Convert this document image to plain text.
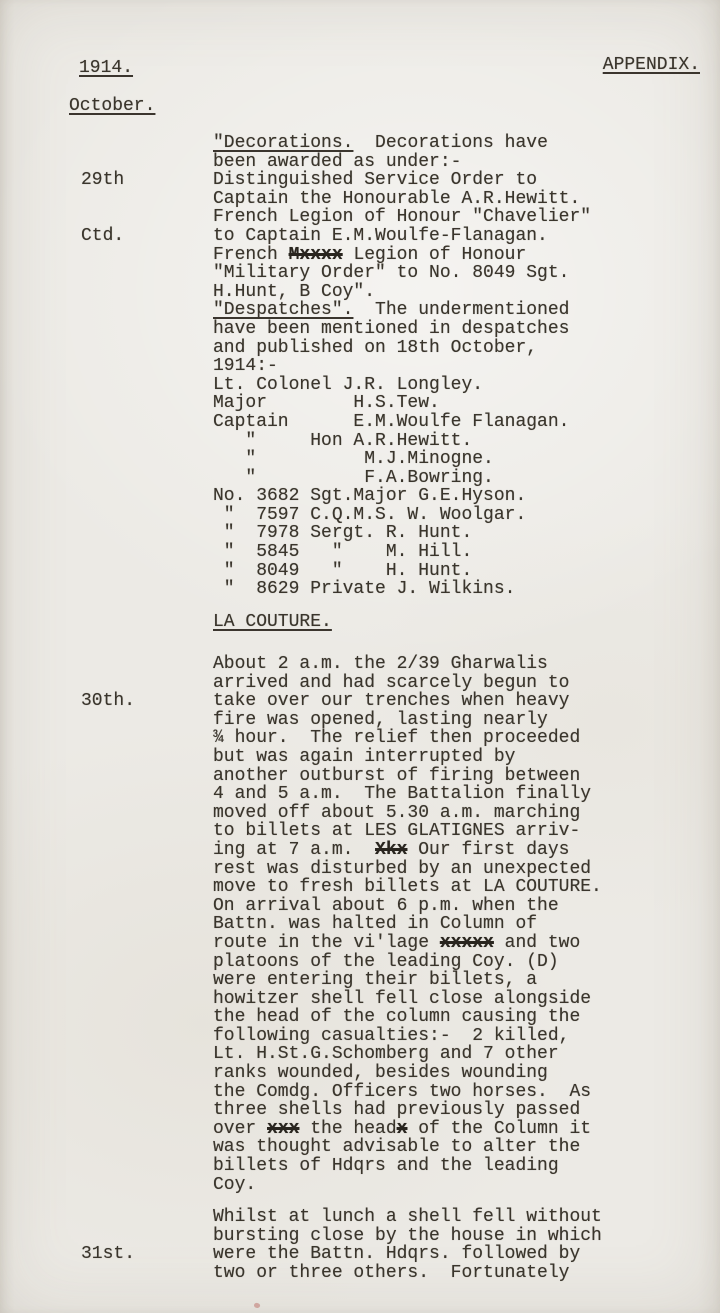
1914.	APPENDIX.
October.

29th

Ctd.

"Decorations.  Decorations have
been awarded as under:-
Distinguished Service Order to
Captain the Honourable A.R.Hewitt.
French Legion of Honour "Chavelier"
to Captain E.M.Woulfe-Flanagan.
French Mxxxx Legion of Honour
"Military Order" to No. 8049 Sgt.
H.Hunt, B Coy".
"Despatches".  The undermentioned
have been mentioned in despatches
and published on 18th October,
1914:-
Lt. Colonel J.R. Longley.
Major        H.S.Tew.
Captain      E.M.Woulfe Flanagan.
"     Hon A.R.Hewitt.
"          M.J.Minogne.
"          F.A.Bowring.
No. 3682 Sgt.Major G.E.Hyson.
"  7597 C.Q.M.S. W. Woolgar.
"  7978 Sergt. R. Hunt.
"  5845   "    M. Hill.
"  8049   "    H. Hunt.
"  8629 Private J. Wilkins.
LA COUTURE.

30th.

About 2 a.m. the 2/39 Gharwalis
arrived and had scarcely begun to
take over our trenches when heavy
fire was opened, lasting nearly
¾ hour.  The relief then proceeded
but was again interrupted by
another outburst of firing between
4 and 5 a.m.  The Battalion finally
moved off about 5.30 a.m. marching
to billets at LES GLATIGNES arriv-
ing at 7 a.m.  Xkx Our first days
rest was disturbed by an unexpected
move to fresh billets at LA COUTURE.
On arrival about 6 p.m. when the
Battn. was halted in Column of
route in the vi'lage xxxxx and two
platoons of the leading Coy. (D)
were entering their billets, a
howitzer shell fell close alongside
the head of the column causing the
following casualties:-  2 killed,
Lt. H.St.G.Schomberg and 7 other
ranks wounded, besides wounding
the Comdg. Officers two horses.  As
three shells had previously passed
over xxx the headx of the Column it
was thought advisable to alter the
billets of Hdqrs and the leading
Coy.

31st.

Whilst at lunch a shell fell without
bursting close by the house in which
were the Battn. Hdqrs. followed by
two or three others.  Fortunately
